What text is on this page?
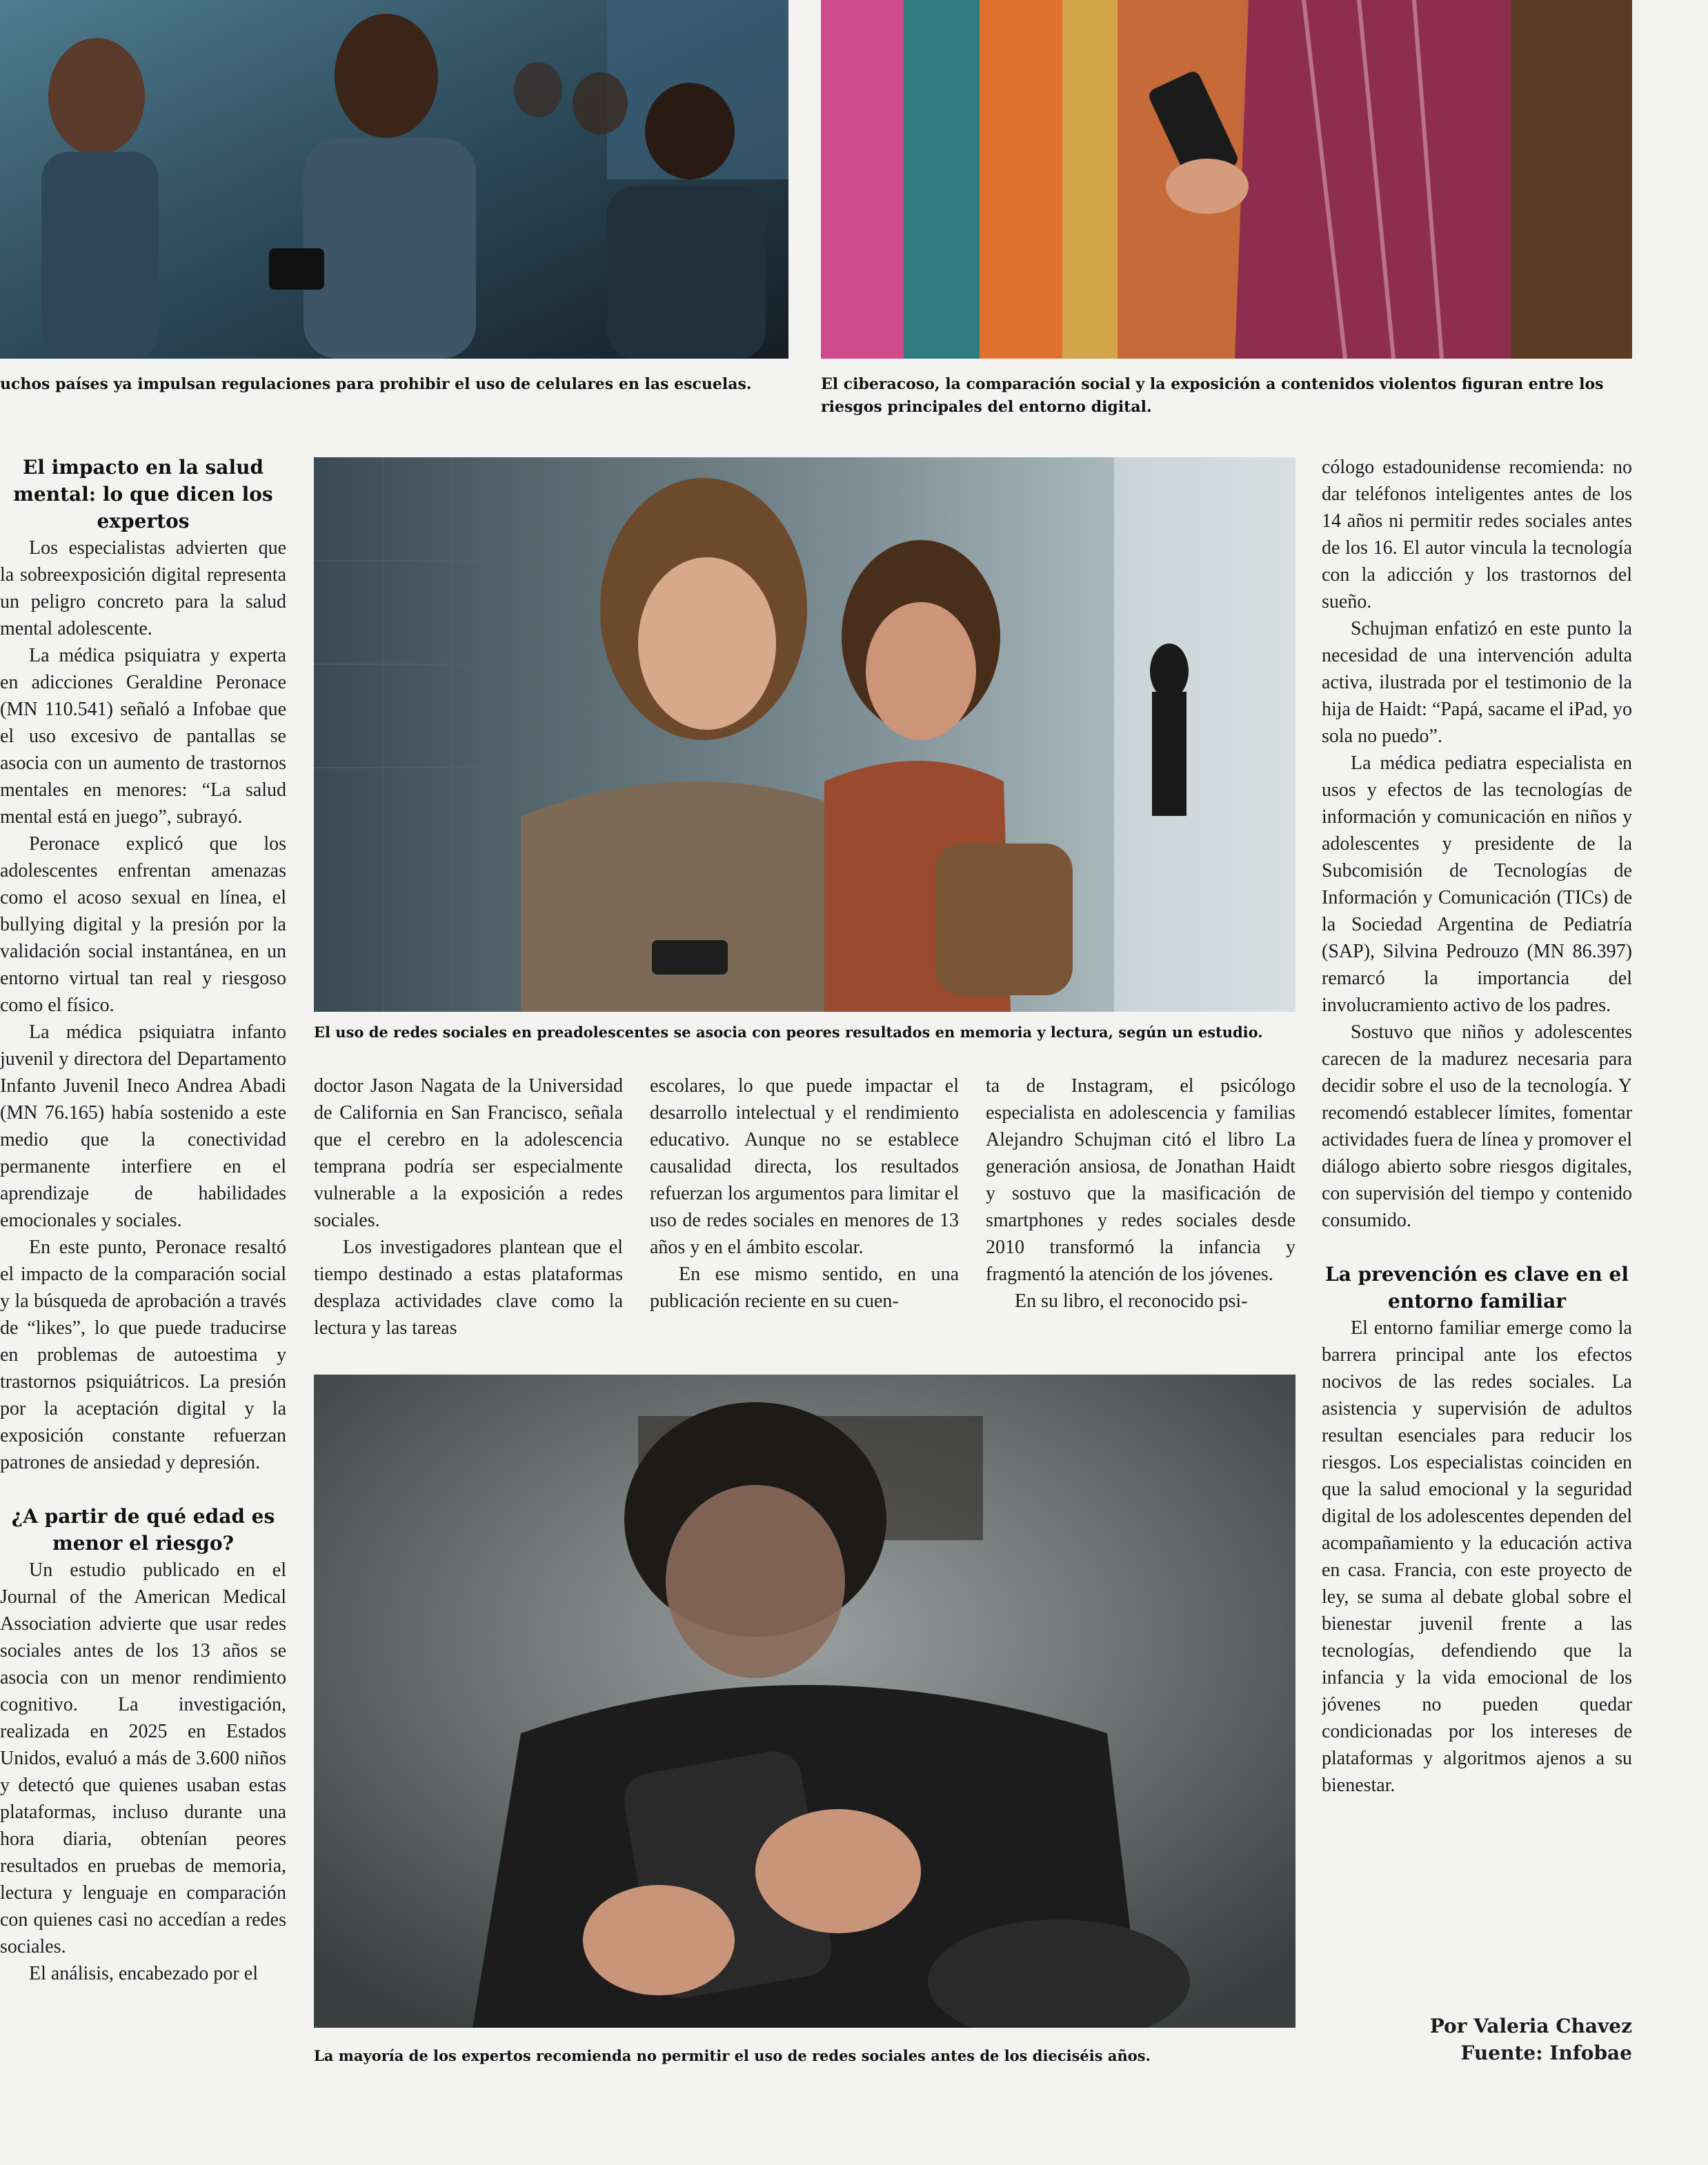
uchos países ya impulsan regulaciones para prohibir el uso de celulares en las escuelas.	El ciberacoso, la comparación social y la exposición a contenidos violentos figuran entre los riesgos principales del entorno digital.
El uso de redes sociales en preadolescentes se asocia con peores resultados en memoria y lectura, según un estudio.
La mayoría de los expertos recomienda no permitir el uso de redes sociales antes de los dieciséis años.
El impacto en la salud mental: lo que dicen los expertos

Los especialistas advierten que la sobreexposición digital representa un peligro concreto para la salud mental adolescente.

La médica psiquiatra y experta en adicciones Geraldine Peronace (MN 110.541) señaló a Infobae que el uso excesivo de pantallas se asocia con un aumento de trastornos mentales en menores: “La salud mental está en juego”, subrayó.

Peronace explicó que los adolescentes enfrentan amenazas como el acoso sexual en línea, el bullying digital y la presión por la validación social instantánea, en un entorno virtual tan real y riesgoso como el físico.

La médica psiquiatra infanto juvenil y directora del Departamento Infanto Juvenil Ineco Andrea Abadi (MN 76.165) había sostenido a este medio que la conectividad permanente interfiere en el aprendizaje de habilidades emocionales y sociales.

En este punto, Peronace resaltó el impacto de la comparación social y la búsqueda de aprobación a través de “likes”, lo que puede traducirse en problemas de autoestima y trastornos psiquiátricos. La presión por la aceptación digital y la exposición constante refuerzan patrones de ansiedad y depresión.

¿A partir de qué edad es menor el riesgo?

Un estudio publicado en el Journal of the American Medical Association advierte que usar redes sociales antes de los 13 años se asocia con un menor rendimiento cognitivo. La investigación, realizada en 2025 en Estados Unidos, evaluó a más de 3.600 niños y detectó que quienes usaban estas plataformas, incluso durante una hora diaria, obtenían peores resultados en pruebas de memoria, lectura y lenguaje en comparación con quienes casi no accedían a redes sociales.

El análisis, encabezado por el

doctor Jason Nagata de la Universidad de California en San Francisco, señala que el cerebro en la adolescencia temprana podría ser especialmente vulnerable a la exposición a redes sociales.

Los investigadores plantean que el tiempo destinado a estas plataformas desplaza actividades clave como la lectura y las tareas

escolares, lo que puede impactar el desarrollo intelectual y el rendimiento educativo. Aunque no se establece causalidad directa, los resultados refuerzan los argumentos para limitar el uso de redes sociales en menores de 13 años y en el ámbito escolar.

En ese mismo sentido, en una publicación reciente en su cuen-

ta de Instagram, el psicólogo especialista en adolescencia y familias Alejandro Schujman citó el libro La generación ansiosa, de Jonathan Haidt y sostuvo que la masificación de smartphones y redes sociales desde 2010 transformó la infancia y fragmentó la atención de los jóvenes.

En su libro, el reconocido psi-

cólogo estadounidense recomienda: no dar teléfonos inteligentes antes de los 14 años ni permitir redes sociales antes de los 16. El autor vincula la tecnología con la adicción y los trastornos del sueño.

Schujman enfatizó en este punto la necesidad de una intervención adulta activa, ilustrada por el testimonio de la hija de Haidt: “Papá, sacame el iPad, yo sola no puedo”.

La médica pediatra especialista en usos y efectos de las tecnologías de información y comunicación en niños y adolescentes y presidente de la Subcomisión de Tecnologías de Información y Comunicación (TICs) de la Sociedad Argentina de Pediatría (SAP), Silvina Pedrouzo (MN 86.397) remarcó la importancia del involucramiento activo de los padres.

Sostuvo que niños y adolescentes carecen de la madurez necesaria para decidir sobre el uso de la tecnología. Y recomendó establecer límites, fomentar actividades fuera de línea y promover el diálogo abierto sobre riesgos digitales, con supervisión del tiempo y contenido consumido.

La prevención es clave en el entorno familiar

El entorno familiar emerge como la barrera principal ante los efectos nocivos de las redes sociales. La asistencia y supervisión de adultos resultan esenciales para reducir los riesgos. Los especialistas coinciden en que la salud emocional y la seguridad digital de los adolescentes dependen del acompañamiento y la educación activa en casa. Francia, con este proyecto de ley, se suma al debate global sobre el bienestar juvenil frente a las tecnologías, defendiendo que la infancia y la vida emocional de los jóvenes no pueden quedar condicionadas por los intereses de plataformas y algoritmos ajenos a su bienestar.

Por Valeria Chavez
Fuente: Infobae
